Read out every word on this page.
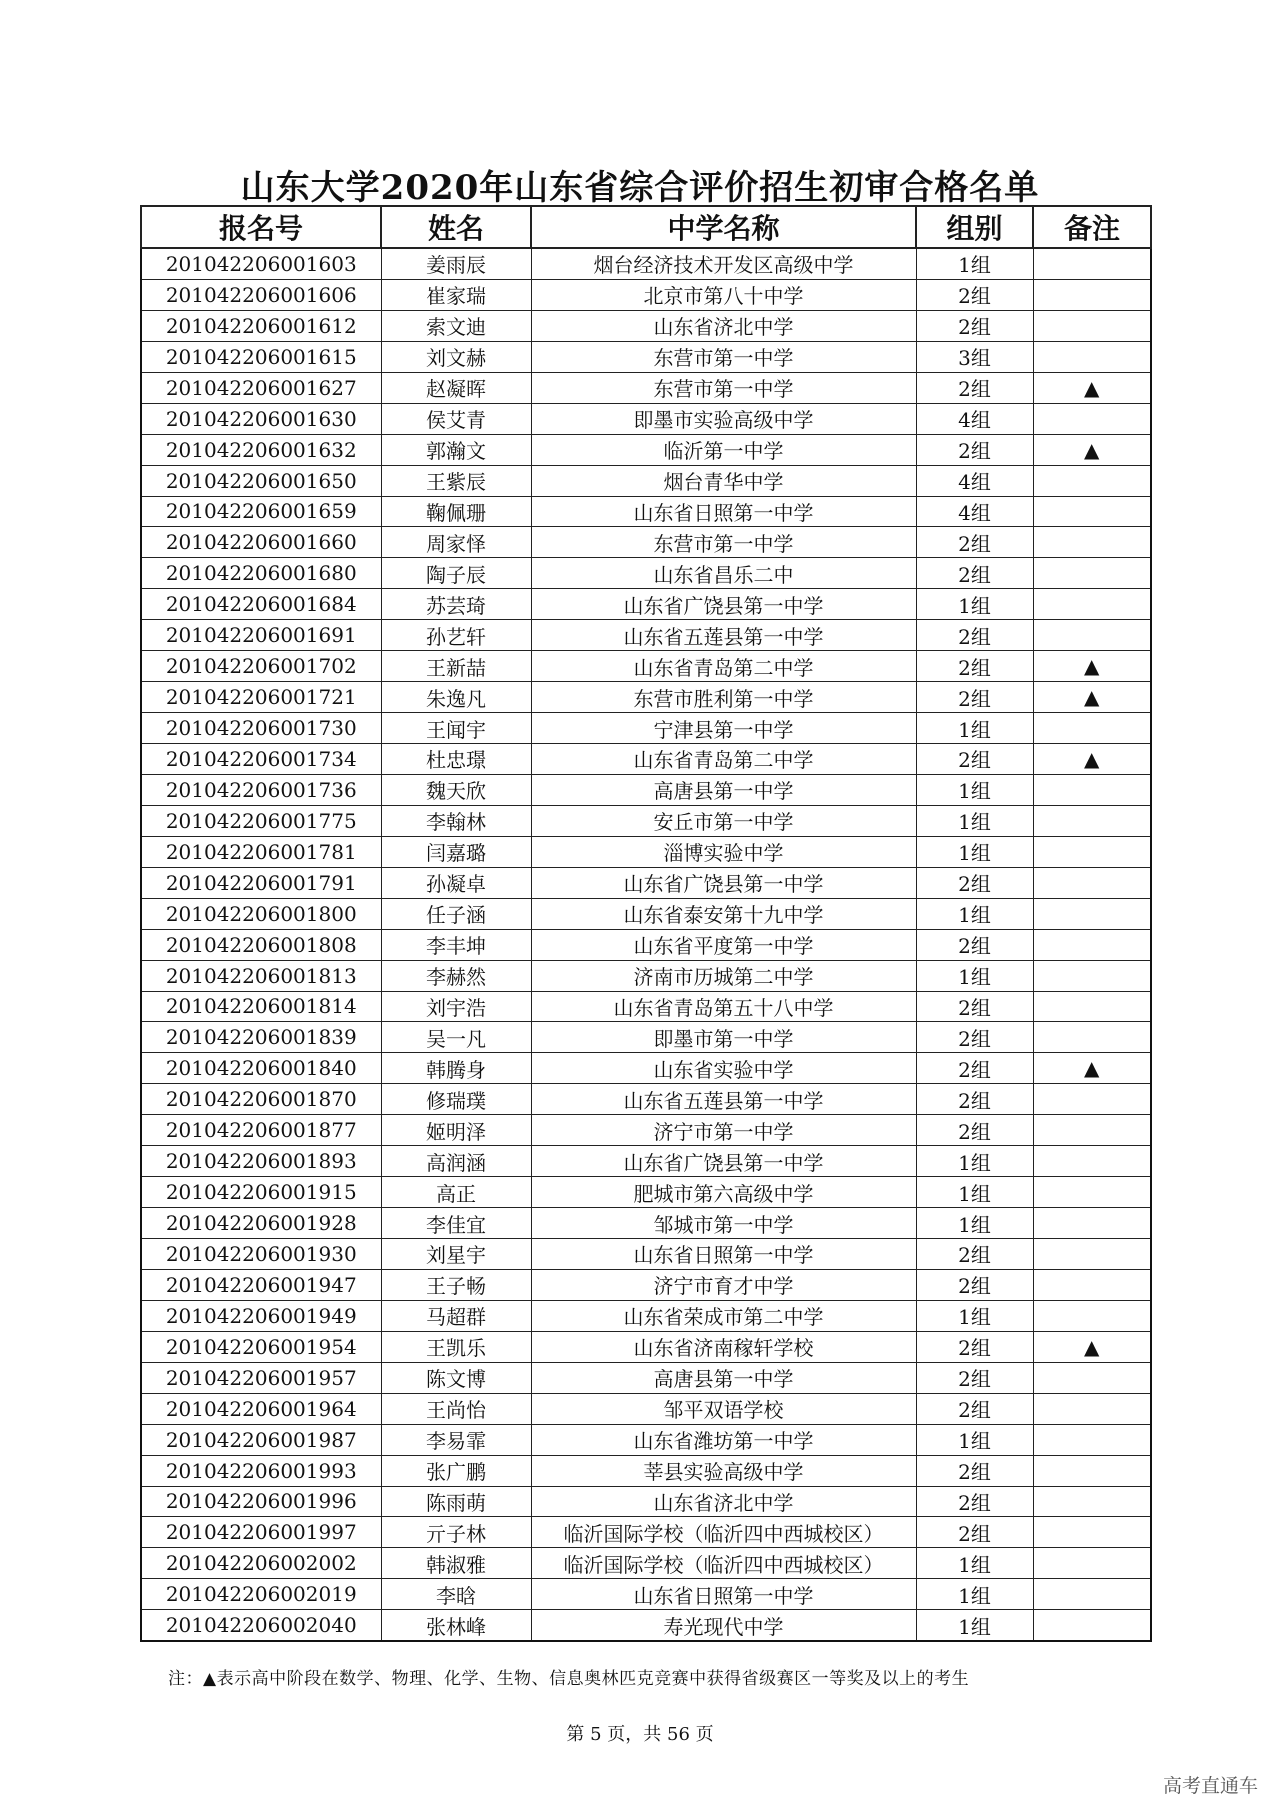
山东大学2020年山东省综合评价招生初审合格名单
报名号	姓名	中学名称	组别	备注
201042206001603	姜雨辰	烟台经济技术开发区高级中学	1组	
201042206001606	崔家瑞	北京市第八十中学	2组	
201042206001612	索文迪	山东省济北中学	2组	
201042206001615	刘文赫	东营市第一中学	3组	
201042206001627	赵凝晖	东营市第一中学	2组	▲
201042206001630	侯艾青	即墨市实验高级中学	4组	
201042206001632	郭瀚文	临沂第一中学	2组	▲
201042206001650	王紫辰	烟台青华中学	4组	
201042206001659	鞠佩珊	山东省日照第一中学	4组	
201042206001660	周家怿	东营市第一中学	2组	
201042206001680	陶子辰	山东省昌乐二中	2组	
201042206001684	苏芸琦	山东省广饶县第一中学	1组	
201042206001691	孙艺轩	山东省五莲县第一中学	2组	
201042206001702	王新喆	山东省青岛第二中学	2组	▲
201042206001721	朱逸凡	东营市胜利第一中学	2组	▲
201042206001730	王闻宇	宁津县第一中学	1组	
201042206001734	杜忠璟	山东省青岛第二中学	2组	▲
201042206001736	魏天欣	高唐县第一中学	1组	
201042206001775	李翰林	安丘市第一中学	1组	
201042206001781	闫嘉璐	淄博实验中学	1组	
201042206001791	孙凝卓	山东省广饶县第一中学	2组	
201042206001800	任子涵	山东省泰安第十九中学	1组	
201042206001808	李丰坤	山东省平度第一中学	2组	
201042206001813	李赫然	济南市历城第二中学	1组	
201042206001814	刘宇浩	山东省青岛第五十八中学	2组	
201042206001839	吴一凡	即墨市第一中学	2组	
201042206001840	韩腾身	山东省实验中学	2组	▲
201042206001870	修瑞璞	山东省五莲县第一中学	2组	
201042206001877	姬明泽	济宁市第一中学	2组	
201042206001893	高润涵	山东省广饶县第一中学	1组	
201042206001915	高正	肥城市第六高级中学	1组	
201042206001928	李佳宜	邹城市第一中学	1组	
201042206001930	刘星宇	山东省日照第一中学	2组	
201042206001947	王子畅	济宁市育才中学	2组	
201042206001949	马超群	山东省荣成市第二中学	1组	
201042206001954	王凯乐	山东省济南稼轩学校	2组	▲
201042206001957	陈文博	高唐县第一中学	2组	
201042206001964	王尚怡	邹平双语学校	2组	
201042206001987	李易霏	山东省潍坊第一中学	1组	
201042206001993	张广鹏	莘县实验高级中学	2组	
201042206001996	陈雨萌	山东省济北中学	2组	
201042206001997	亓子林	临沂国际学校（临沂四中西城校区）	2组	
201042206002002	韩淑雅	临沂国际学校（临沂四中西城校区）	1组	
201042206002019	李晗	山东省日照第一中学	1组	
201042206002040	张林峰	寿光现代中学	1组	
注：▲表示高中阶段在数学、物理、化学、生物、信息奥林匹克竞赛中获得省级赛区一等奖及以上的考生
第 5 页，共 56 页
高考直通车
